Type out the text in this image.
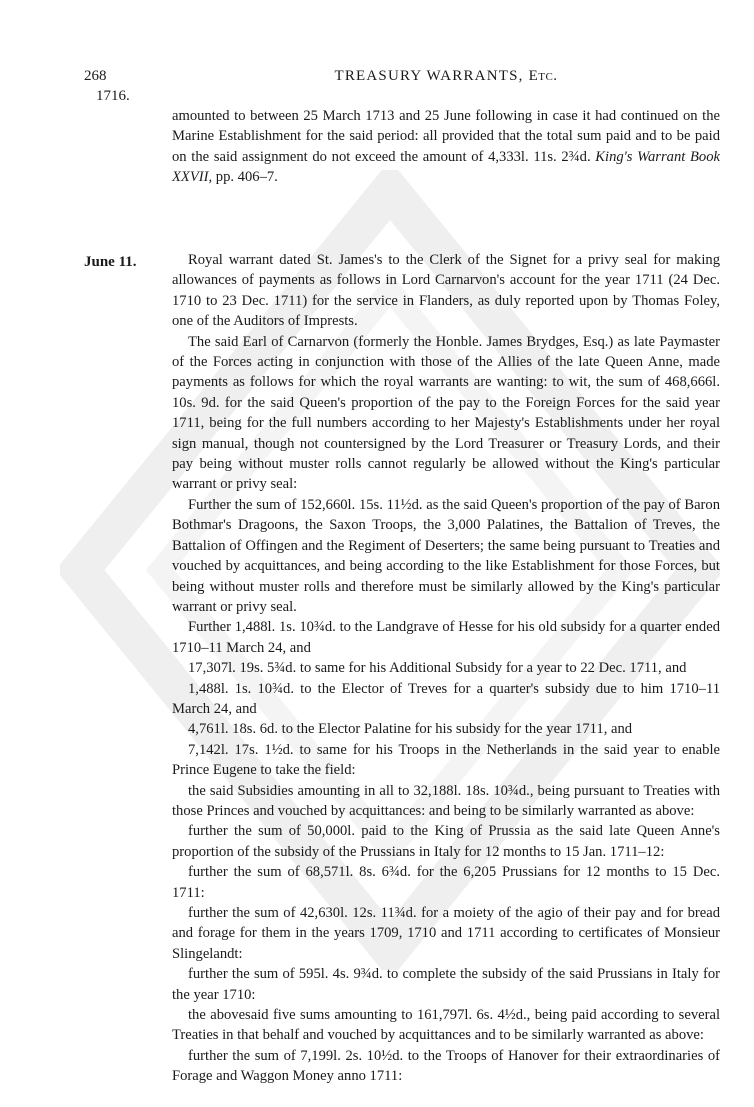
268
1716.
TREASURY WARRANTS, Etc.

amounted to between 25 March 1713 and 25 June following in case it had continued on the Marine Establishment for the said period: all provided that the total sum paid and to be paid on the said assignment do not exceed the amount of 4,333l. 11s. 2¾d. King's Warrant Book XXVII, pp. 406–7.

June 11.	Royal warrant dated St. James's to the Clerk of the Signet for a privy seal for making allowances of payments as follows in Lord Carnarvon's account for the year 1711 (24 Dec. 1710 to 23 Dec. 1711) for the service in Flanders, as duly reported upon by Thomas Foley, one of the Auditors of Imprests.

The said Earl of Carnarvon (formerly the Honble. James Brydges, Esq.) as late Paymaster of the Forces acting in conjunction with those of the Allies of the late Queen Anne, made payments as follows for which the royal warrants are wanting: to wit, the sum of 468,666l. 10s. 9d. for the said Queen's proportion of the pay to the Foreign Forces for the said year 1711, being for the full numbers according to her Majesty's Establishments under her royal sign manual, though not countersigned by the Lord Treasurer or Treasury Lords, and their pay being without muster rolls cannot regularly be allowed without the King's particular warrant or privy seal:

Further the sum of 152,660l. 15s. 11½d. as the said Queen's proportion of the pay of Baron Bothmar's Dragoons, the Saxon Troops, the 3,000 Palatines, the Battalion of Treves, the Battalion of Offingen and the Regiment of Deserters; the same being pursuant to Treaties and vouched by acquittances, and being according to the like Establishment for those Forces, but being without muster rolls and therefore must be similarly allowed by the King's particular warrant or privy seal.

Further 1,488l. 1s. 10¾d. to the Landgrave of Hesse for his old subsidy for a quarter ended 1710–11 March 24, and

17,307l. 19s. 5¾d. to same for his Additional Subsidy for a year to 22 Dec. 1711, and

1,488l. 1s. 10¾d. to the Elector of Treves for a quarter's subsidy due to him 1710–11 March 24, and

4,761l. 18s. 6d. to the Elector Palatine for his subsidy for the year 1711, and

7,142l. 17s. 1½d. to same for his Troops in the Netherlands in the said year to enable Prince Eugene to take the field:

the said Subsidies amounting in all to 32,188l. 18s. 10¾d., being pursuant to Treaties with those Princes and vouched by acquittances: and being to be similarly warranted as above:

further the sum of 50,000l. paid to the King of Prussia as the said late Queen Anne's proportion of the subsidy of the Prussians in Italy for 12 months to 15 Jan. 1711–12:

further the sum of 68,571l. 8s. 6¾d. for the 6,205 Prussians for 12 months to 15 Dec. 1711:

further the sum of 42,630l. 12s. 11¾d. for a moiety of the agio of their pay and for bread and forage for them in the years 1709, 1710 and 1711 according to certificates of Monsieur Slingelandt:

further the sum of 595l. 4s. 9¾d. to complete the subsidy of the said Prussians in Italy for the year 1710:

the abovesaid five sums amounting to 161,797l. 6s. 4½d., being paid according to several Treaties in that behalf and vouched by acquittances and to be similarly warranted as above:

further the sum of 7,199l. 2s. 10½d. to the Troops of Hanover for their extraordinaries of Forage and Waggon Money anno 1711:
